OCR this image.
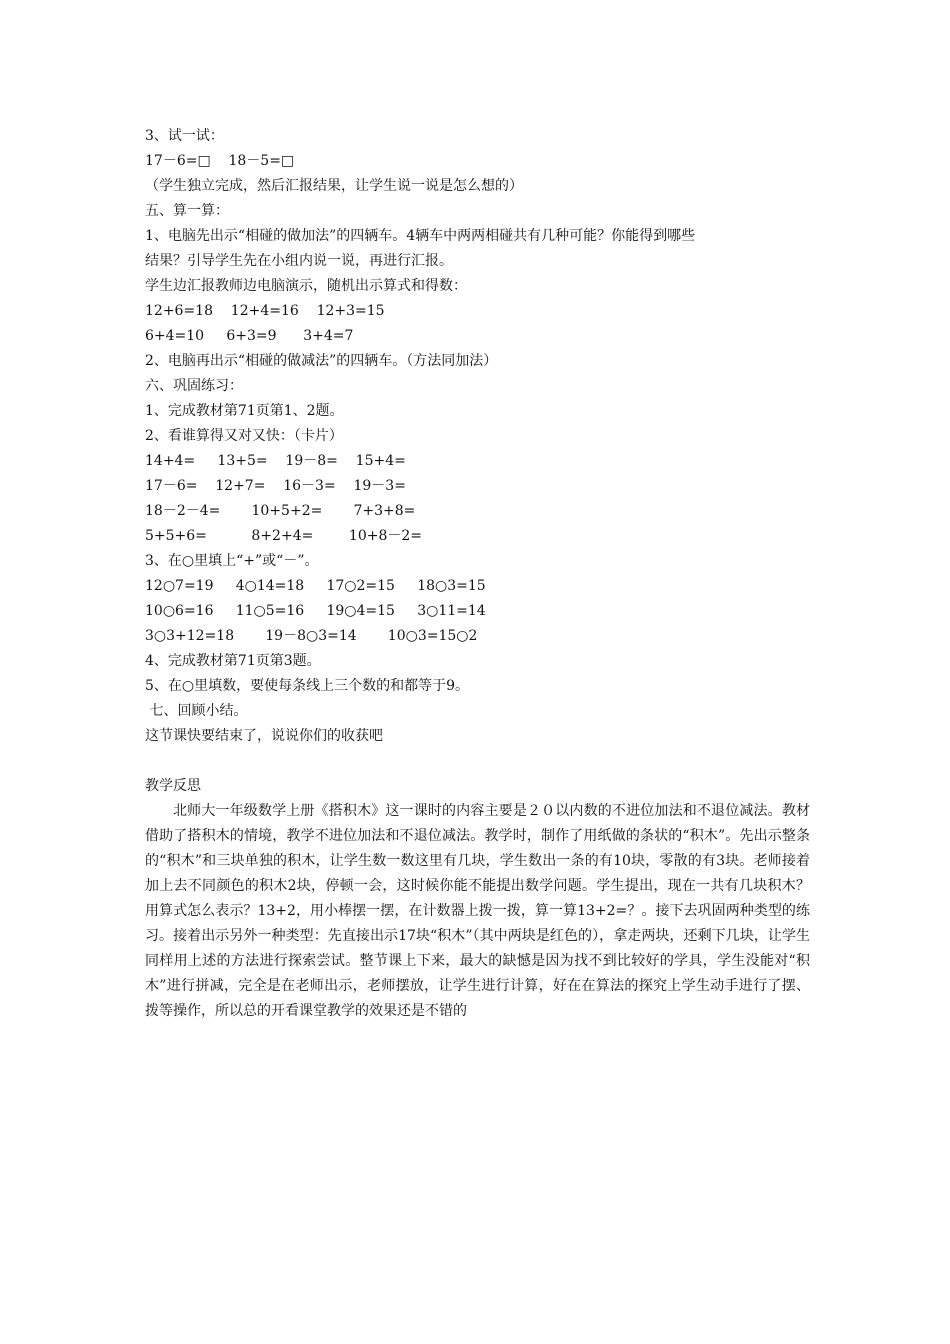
3、试一试：
17－6=□    18－5=□
（学生独立完成，然后汇报结果，让学生说一说是怎么想的）
五、算一算：
1、电脑先出示“相碰的做加法”的四辆车。4辆车中两两相碰共有几种可能？你能得到哪些
结果？引导学生先在小组内说一说，再进行汇报。
学生边汇报教师边电脑演示，随机出示算式和得数：
12+6=18    12+4=16    12+3=15
6+4=10     6+3=9      3+4=7
2、电脑再出示“相碰的做减法”的四辆车。（方法同加法）
六、巩固练习：
1、完成教材第71页第1、2题。
2、看谁算得又对又快：（卡片）
14+4=     13+5=    19－8=    15+4=
17－6=    12+7=    16－3=    19－3=
18－2－4=       10+5+2=       7+3+8=
5+5+6=          8+2+4=        10+8－2=
3、在○里填上“+”或“－”。
12○7=19     4○14=18     17○2=15     18○3=15
10○6=16     11○5=16     19○4=15     3○11=14
3○3+12=18       19－8○3=14       10○3=15○2
4、完成教材第71页第3题。
5、在○里填数，要使每条线上三个数的和都等于9。
七、回顾小结。
这节课快要结束了，说说你们的收获吧
教学反思

北师大一年级数学上册《搭积木》这一课时的内容主要是２０以内数的不进位加法和不退位减法。教材借助了搭积木的情境，教学不进位加法和不退位减法。教学时，制作了用纸做的条状的“积木”。先出示整条的“积木”和三块单独的积木，让学生数一数这里有几块，学生数出一条的有10块，零散的有3块。老师接着加上去不同颜色的积木2块，停顿一会，这时候你能不能提出数学问题。学生提出，现在一共有几块积木？用算式怎么表示？13+2，用小棒摆一摆，在计数器上拨一拨，算一算13+2=？。接下去巩固两种类型的练习。接着出示另外一种类型：先直接出示17块“积木”（其中两块是红色的），拿走两块，还剩下几块，让学生同样用上述的方法进行探索尝试。整节课上下来，最大的缺憾是因为找不到比较好的学具，学生没能对“积木”进行拼减，完全是在老师出示，老师摆放，让学生进行计算，好在在算法的探究上学生动手进行了摆、拨等操作，所以总的开看课堂教学的效果还是不错的
